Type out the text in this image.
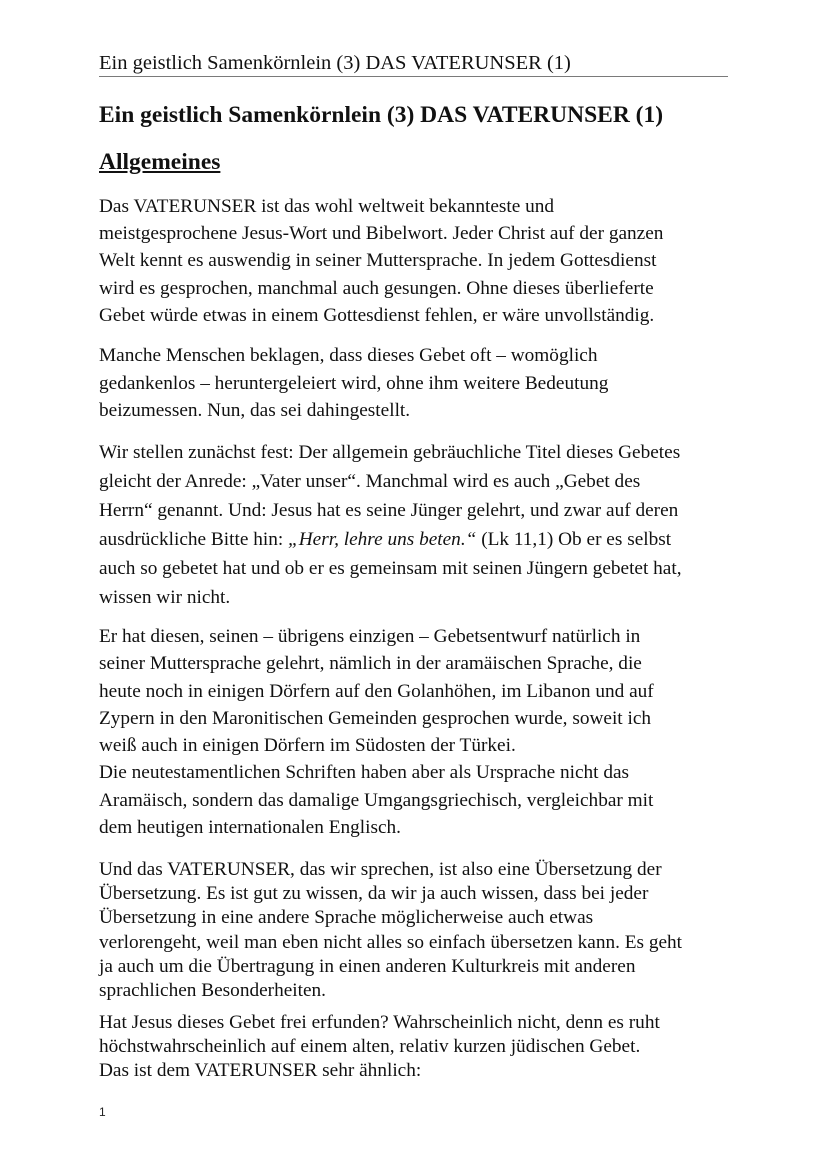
Ein geistlich Samenkörnlein (3) DAS VATERUNSER (1)
Ein geistlich Samenkörnlein (3) DAS VATERUNSER (1)
Allgemeines
Das VATERUNSER ist das wohl weltweit bekannteste und
meistgesprochene Jesus-Wort und Bibelwort. Jeder Christ auf der ganzen
Welt kennt es auswendig in seiner Muttersprache. In jedem Gottesdienst
wird es gesprochen, manchmal auch gesungen. Ohne dieses überlieferte
Gebet würde etwas in einem Gottesdienst fehlen, er wäre unvollständig.
Manche Menschen beklagen, dass dieses Gebet oft – womöglich
gedankenlos – heruntergeleiert wird, ohne ihm weitere Bedeutung
beizumessen. Nun, das sei dahingestellt.
Wir stellen zunächst fest: Der allgemein gebräuchliche Titel dieses Gebetes
gleicht der Anrede: „Vater unser“. Manchmal wird es auch „Gebet des
Herrn“ genannt. Und: Jesus hat es seine Jünger gelehrt, und zwar auf deren
ausdrückliche Bitte hin: „Herr, lehre uns beten.“ (Lk 11,1) Ob er es selbst
auch so gebetet hat und ob er es gemeinsam mit seinen Jüngern gebetet hat,
wissen wir nicht.
Er hat diesen, seinen – übrigens einzigen – Gebetsentwurf natürlich in
seiner Muttersprache gelehrt, nämlich in der aramäischen Sprache, die
heute noch in einigen Dörfern auf den Golanhöhen, im Libanon und auf
Zypern in den Maronitischen Gemeinden gesprochen wurde, soweit ich
weiß auch in einigen Dörfern im Südosten der Türkei.
Die neutestamentlichen Schriften haben aber als Ursprache nicht das
Aramäisch, sondern das damalige Umgangsgriechisch, vergleichbar mit
dem heutigen internationalen Englisch.
Und das VATERUNSER, das wir sprechen, ist also eine Übersetzung der
Übersetzung. Es ist gut zu wissen, da wir ja auch wissen, dass bei jeder
Übersetzung in eine andere Sprache möglicherweise auch etwas
verlorengeht, weil man eben nicht alles so einfach übersetzen kann. Es geht
ja auch um die Übertragung in einen anderen Kulturkreis mit anderen
sprachlichen Besonderheiten.
Hat Jesus dieses Gebet frei erfunden? Wahrscheinlich nicht, denn es ruht
höchstwahrscheinlich auf einem alten, relativ kurzen jüdischen Gebet.
Das ist dem VATERUNSER sehr ähnlich:
1
